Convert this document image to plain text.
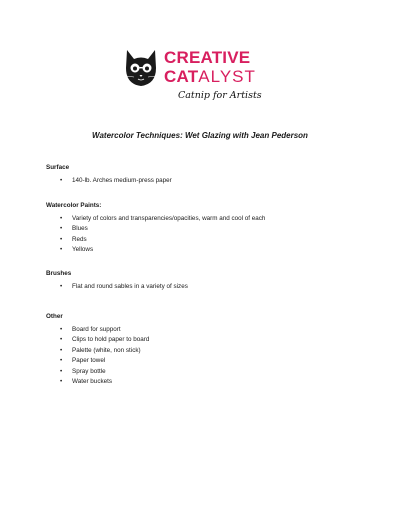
CREATIVE
CATALYST
Catnip for Artists
Watercolor Techniques: Wet Glazing with Jean Pederson
Surface
• 140-lb. Arches medium-press paper
Watercolor Paints:
• Variety of colors and transparencies/opacities, warm and cool of each
• Blues
• Reds
• Yellows
Brushes
• Flat and round sables in a variety of sizes
Other
• Board for support
• Clips to hold paper to board
• Palette (white, non stick)
• Paper towel
• Spray bottle
• Water buckets
